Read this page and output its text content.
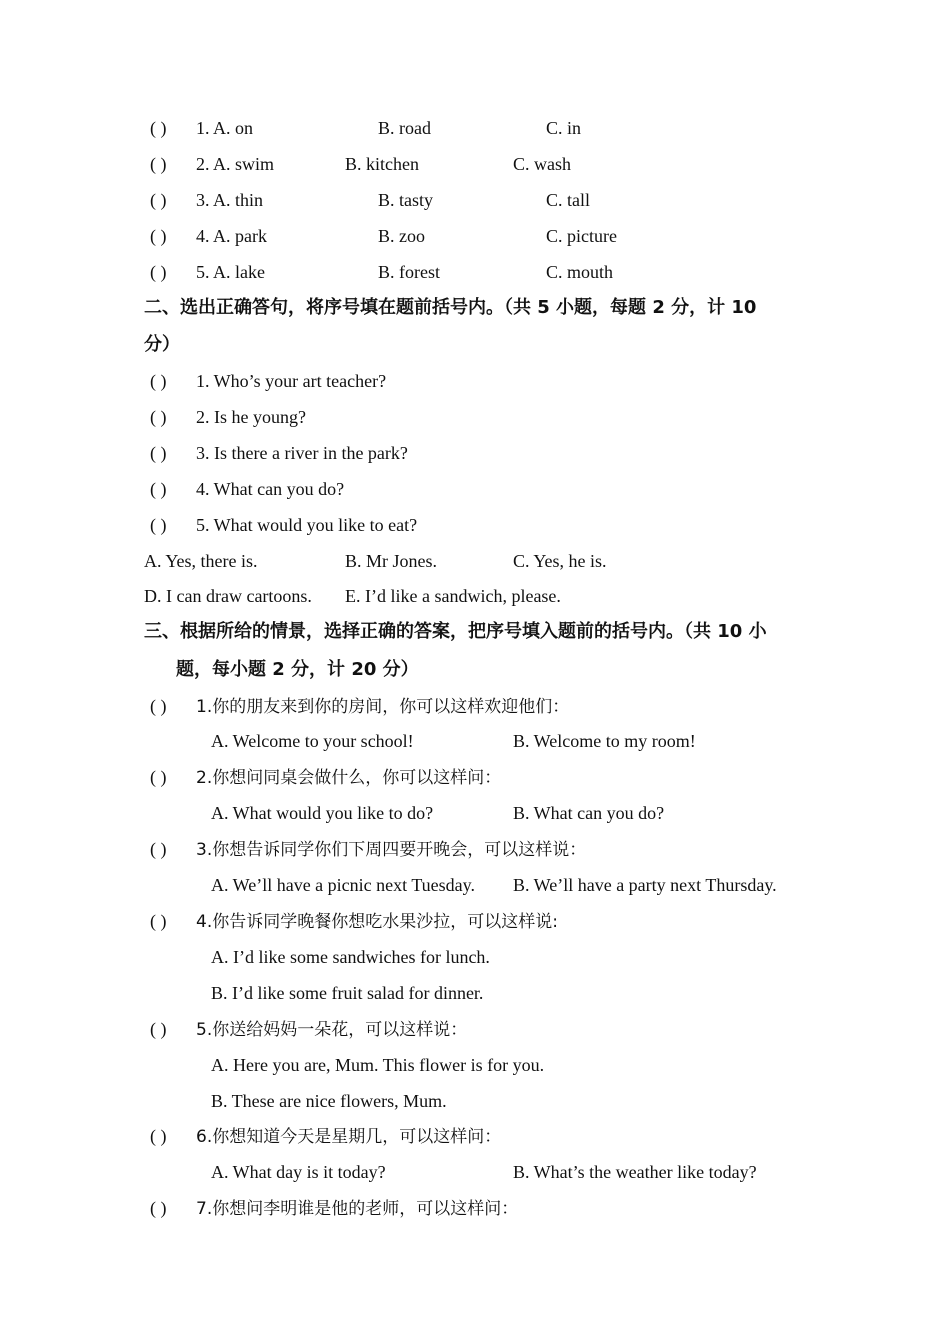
( ) 1. A. on	B. road	C. in
( ) 2. A. swim	B. kitchen	C. wash
( ) 3. A. thin	B. tasty	C. tall
( ) 4. A. park	B. zoo	C. picture
( ) 5. A. lake	B. forest	C. mouth
二、选出正确答句，将序号填在题前括号内。（共 5 小题，每题 2 分，计 10
分）
( ) 1. Who’s your art teacher?
( ) 2. Is he young?
( ) 3. Is there a river in the park?
( ) 4. What can you do?
( ) 5. What would you like to eat?
A. Yes, there is.	B. Mr Jones.	C. Yes, he is.
D. I can draw cartoons. E. I’d like a sandwich, please.
三、根据所给的情景，选择正确的答案，把序号填入题前的括号内。（共 10 小
题，每小题 2 分，计 20 分）
( ) 1.你的朋友来到你的房间，你可以这样欢迎他们：
A. Welcome to your school!	B. Welcome to my room!
( ) 2.你想问同桌会做什么，你可以这样问：
A. What would you like to do?	B. What can you do?
( ) 3.你想告诉同学你们下周四要开晚会，可以这样说：
A. We’ll have a picnic next Tuesday. B. We’ll have a party next Thursday.
( ) 4.你告诉同学晚餐你想吃水果沙拉，可以这样说:
A. I’d like some sandwiches for lunch.
B. I’d like some fruit salad for dinner.
( ) 5.你送给妈妈一朵花，可以这样说：
A. Here you are, Mum. This flower is for you.
B. These are nice flowers, Mum.
( ) 6.你想知道今天是星期几，可以这样问：
A. What day is it today?	B. What’s the weather like today?
( ) 7.你想问李明谁是他的老师，可以这样问：
